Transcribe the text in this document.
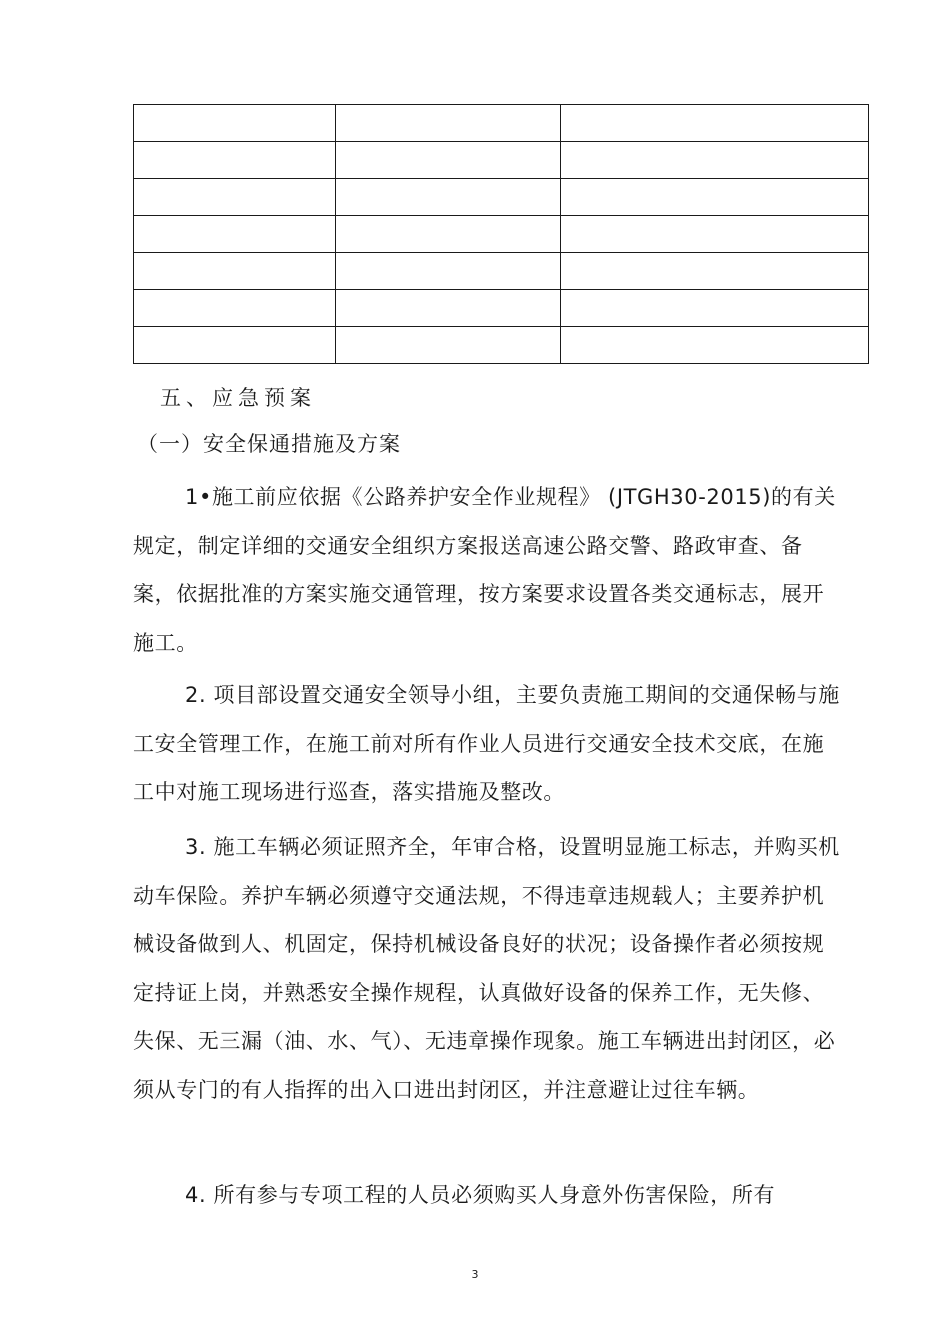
五、应急预案
（一）安全保通措施及方案

1•施工前应依据《公路养护安全作业规程》 (JTGH30-2015)的有关规定，制定详细的交通安全组织方案报送高速公路交警、路政审查、备案，依据批准的方案实施交通管理，按方案要求设置各类交通标志，展开施工。

2. 项目部设置交通安全领导小组，主要负责施工期间的交通保畅与施工安全管理工作，在施工前对所有作业人员进行交通安全技术交底，在施工中对施工现场进行巡查，落实措施及整改。

3. 施工车辆必须证照齐全，年审合格，设置明显施工标志，并购买机动车保险。养护车辆必须遵守交通法规，不得违章违规载人；主要养护机械设备做到人、机固定，保持机械设备良好的状况；设备操作者必须按规定持证上岗，并熟悉安全操作规程，认真做好设备的保养工作，无失修、失保、无三漏（油、水、气）、无违章操作现象。施工车辆进出封闭区，必须从专门的有人指挥的出入口进出封闭区，并注意避让过往车辆。

4. 所有参与专项工程的人员必须购买人身意外伤害保险，所有

3
